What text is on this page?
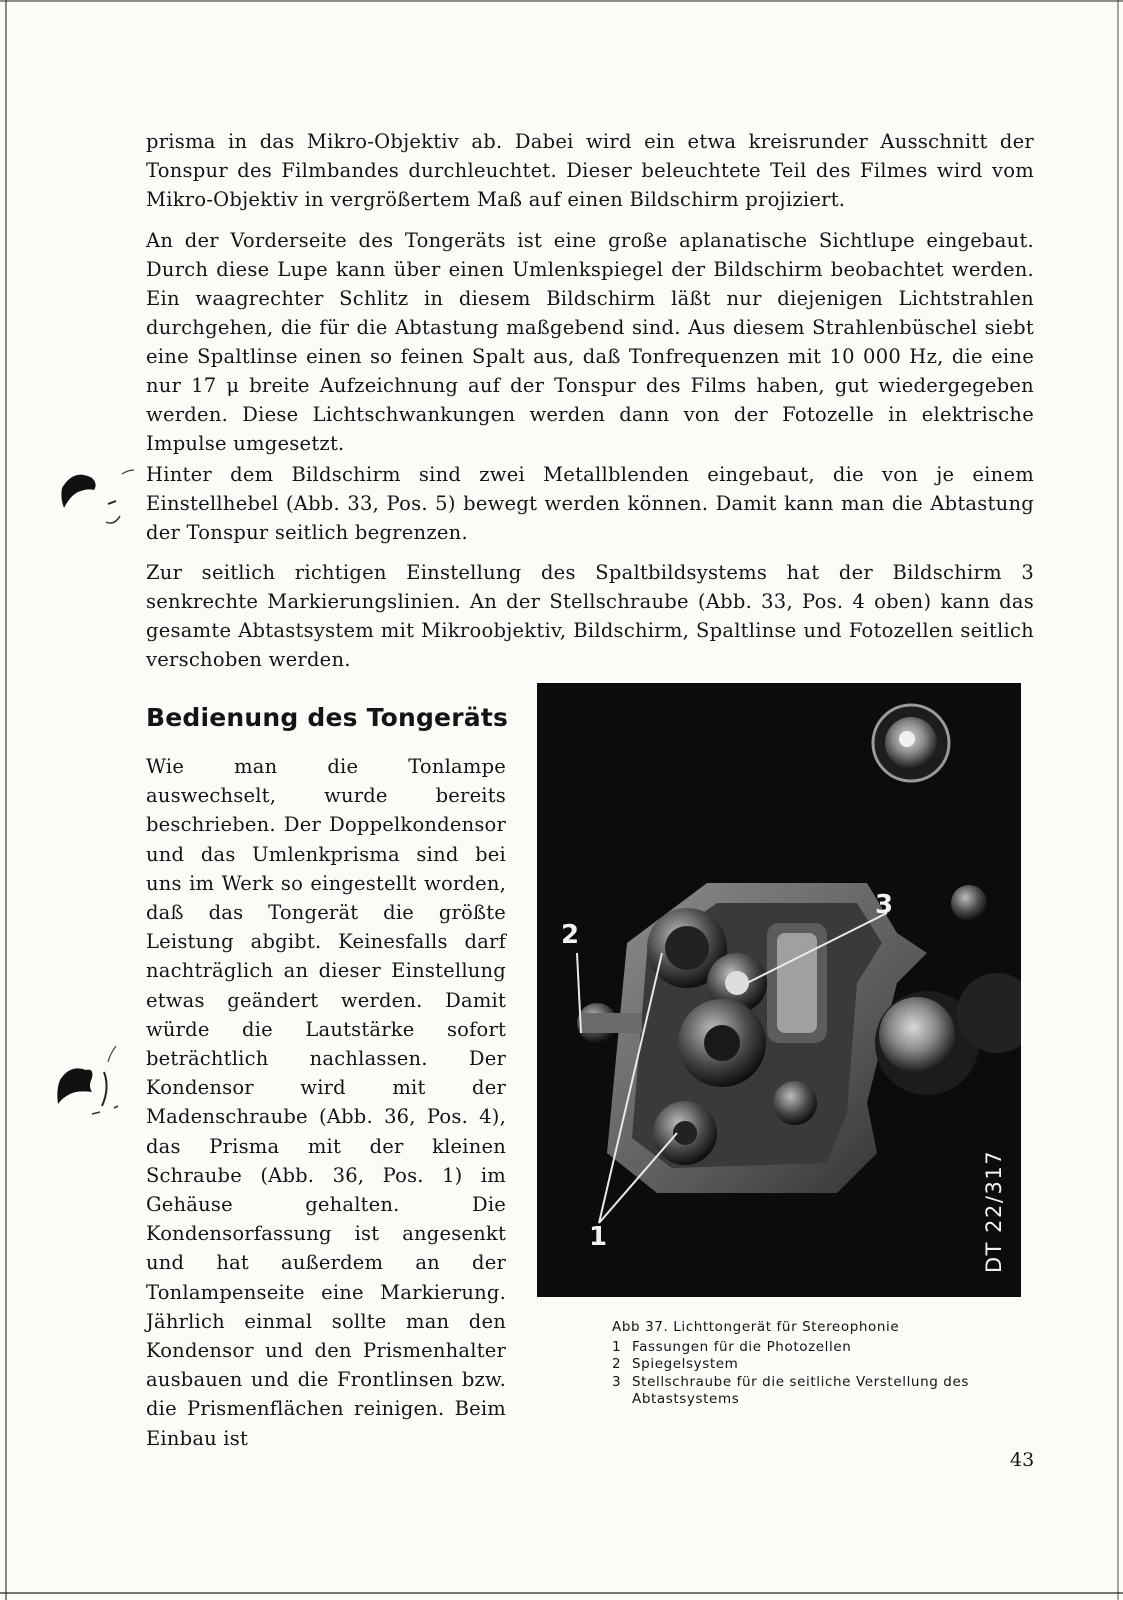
prisma in das Mikro-Objektiv ab. Dabei wird ein etwa kreisrunder Ausschnitt der Tonspur des Filmbandes durchleuchtet. Dieser beleuchtete Teil des Filmes wird vom Mikro-Objektiv in vergrößertem Maß auf einen Bildschirm projiziert.

An der Vorderseite des Tongeräts ist eine große aplanatische Sichtlupe eingebaut. Durch diese Lupe kann über einen Umlenkspiegel der Bildschirm beobachtet werden. Ein waagrechter Schlitz in diesem Bildschirm läßt nur diejenigen Lichtstrahlen durchgehen, die für die Abtastung maßgebend sind. Aus diesem Strahlenbüschel siebt eine Spaltlinse einen so feinen Spalt aus, daß Tonfrequenzen mit 10 000 Hz, die eine nur 17 μ breite Aufzeichnung auf der Tonspur des Films haben, gut wiedergegeben werden. Diese Lichtschwankungen werden dann von der Fotozelle in elektrische Impulse umgesetzt.

Hinter dem Bildschirm sind zwei Metallblenden eingebaut, die von je einem Einstellhebel (Abb. 33, Pos. 5) bewegt werden können. Damit kann man die Abtastung der Tonspur seitlich begrenzen.

Zur seitlich richtigen Einstellung des Spaltbildsystems hat der Bildschirm 3 senkrechte Markierungslinien. An der Stellschraube (Abb. 33, Pos. 4 oben) kann das gesamte Abtastsystem mit Mikroobjektiv, Bildschirm, Spaltlinse und Fotozellen seitlich verschoben werden.

Bedienung des Tongeräts

Wie man die Tonlampe auswechselt, wurde bereits beschrieben. Der Doppelkondensor und das Umlenkprisma sind bei uns im Werk so eingestellt worden, daß das Tongerät die größte Leistung abgibt. Keinesfalls darf nachträglich an dieser Einstellung etwas geändert werden. Damit würde die Lautstärke sofort beträchtlich nachlassen. Der Kondensor wird mit der Madenschraube (Abb. 36, Pos. 4), das Prisma mit der kleinen Schraube (Abb. 36, Pos. 1) im Gehäuse gehalten. Die Kondensorfassung ist angesenkt und hat außerdem an der Tonlampenseite eine Markierung. Jährlich einmal sollte man den Kondensor und den Prismenhalter ausbauen und die Frontlinsen bzw. die Prismenflächen reinigen. Beim Einbau ist

2
3
1	DT 22/317

Abb 37. Lichttongerät für Stereophonie

1 Fassungen für die Photozellen
2 Spiegelsystem
3 Stellschraube für die seitliche Verstellung des Abtastsystems
43
